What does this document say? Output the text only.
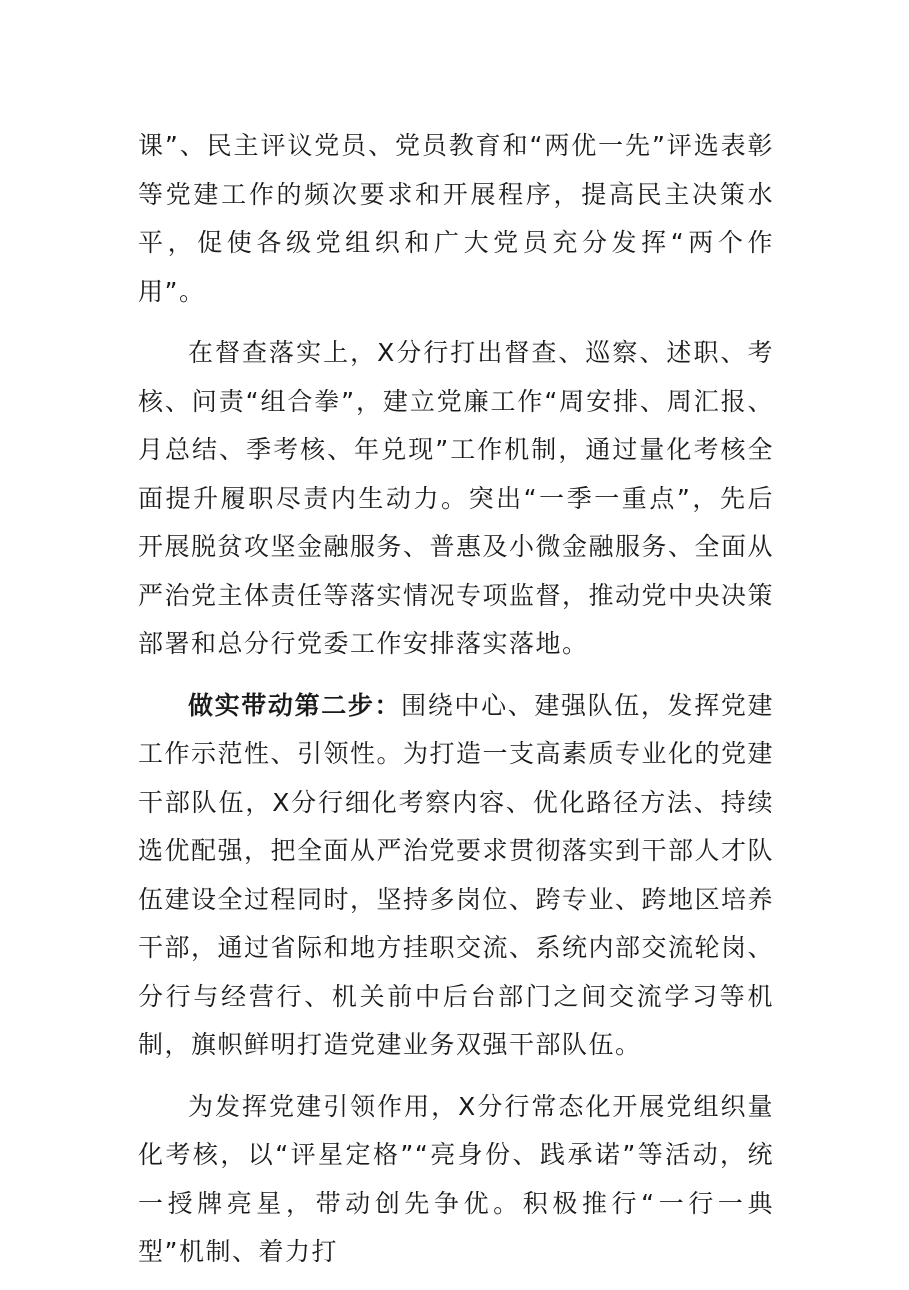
课”、民主评议党员、党员教育和“两优一先”评选表彰等党建工作的频次要求和开展程序，提高民主决策水平，促使各级党组织和广大党员充分发挥“两个作用”。

在督查落实上，X分行打出督查、巡察、述职、考核、问责“组合拳”，建立党廉工作“周安排、周汇报、月总结、季考核、年兑现”工作机制，通过量化考核全面提升履职尽责内生动力。突出“一季一重点”，先后开展脱贫攻坚金融服务、普惠及小微金融服务、全面从严治党主体责任等落实情况专项监督，推动党中央决策部署和总分行党委工作安排落实落地。

做实带动第二步：围绕中心、建强队伍，发挥党建工作示范性、引领性。为打造一支高素质专业化的党建干部队伍，X分行细化考察内容、优化路径方法、持续选优配强，把全面从严治党要求贯彻落实到干部人才队伍建设全过程同时，坚持多岗位、跨专业、跨地区培养干部，通过省际和地方挂职交流、系统内部交流轮岗、分行与经营行、机关前中后台部门之间交流学习等机制，旗帜鲜明打造党建业务双强干部队伍。

为发挥党建引领作用，X分行常态化开展党组织量化考核，以“评星定格”“亮身份、践承诺”等活动，统一授牌亮星，带动创先争优。积极推行“一行一典型”机制、着力打
